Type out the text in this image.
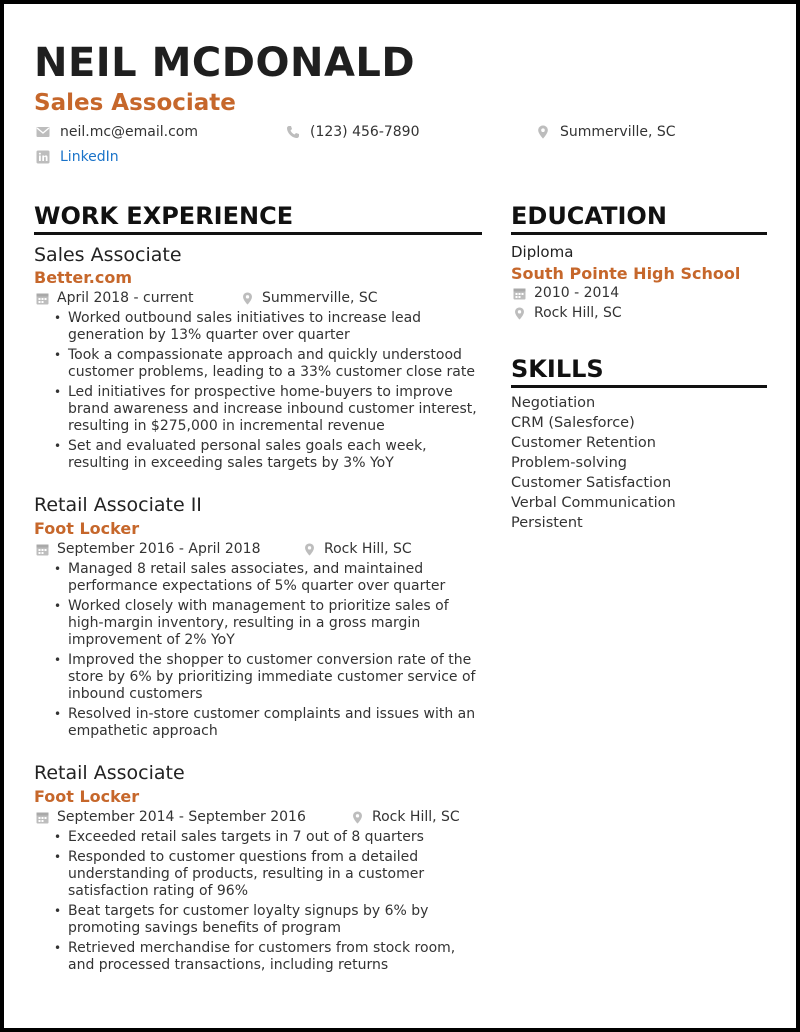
NEIL MCDONALD
Sales Associate
neil.mc@email.com	(123) 456-7890	Summerville, SC
LinkedIn
WORK EXPERIENCE
Sales Associate
Better.com
April 2018 - current	Summerville, SC
• Worked outbound sales initiatives to increase lead generation by 13% quarter over quarter
• Took a compassionate approach and quickly understood customer problems, leading to a 33% customer close rate
• Led initiatives for prospective home-buyers to improve brand awareness and increase inbound customer interest, resulting in $275,000 in incremental revenue
• Set and evaluated personal sales goals each week, resulting in exceeding sales targets by 3% YoY
Retail Associate II
Foot Locker
September 2016 - April 2018	Rock Hill, SC
• Managed 8 retail sales associates, and maintained performance expectations of 5% quarter over quarter
• Worked closely with management to prioritize sales of high-margin inventory, resulting in a gross margin improvement of 2% YoY
• Improved the shopper to customer conversion rate of the store by 6% by prioritizing immediate customer service of inbound customers
• Resolved in-store customer complaints and issues with an empathetic approach
Retail Associate
Foot Locker
September 2014 - September 2016	Rock Hill, SC
• Exceeded retail sales targets in 7 out of 8 quarters
• Responded to customer questions from a detailed understanding of products, resulting in a customer satisfaction rating of 96%
• Beat targets for customer loyalty signups by 6% by promoting savings benefits of program
• Retrieved merchandise for customers from stock room, and processed transactions, including returns
EDUCATION
Diploma
South Pointe High School
2010 - 2014
Rock Hill, SC
SKILLS
Negotiation
CRM (Salesforce)
Customer Retention
Problem-solving
Customer Satisfaction
Verbal Communication
Persistent
